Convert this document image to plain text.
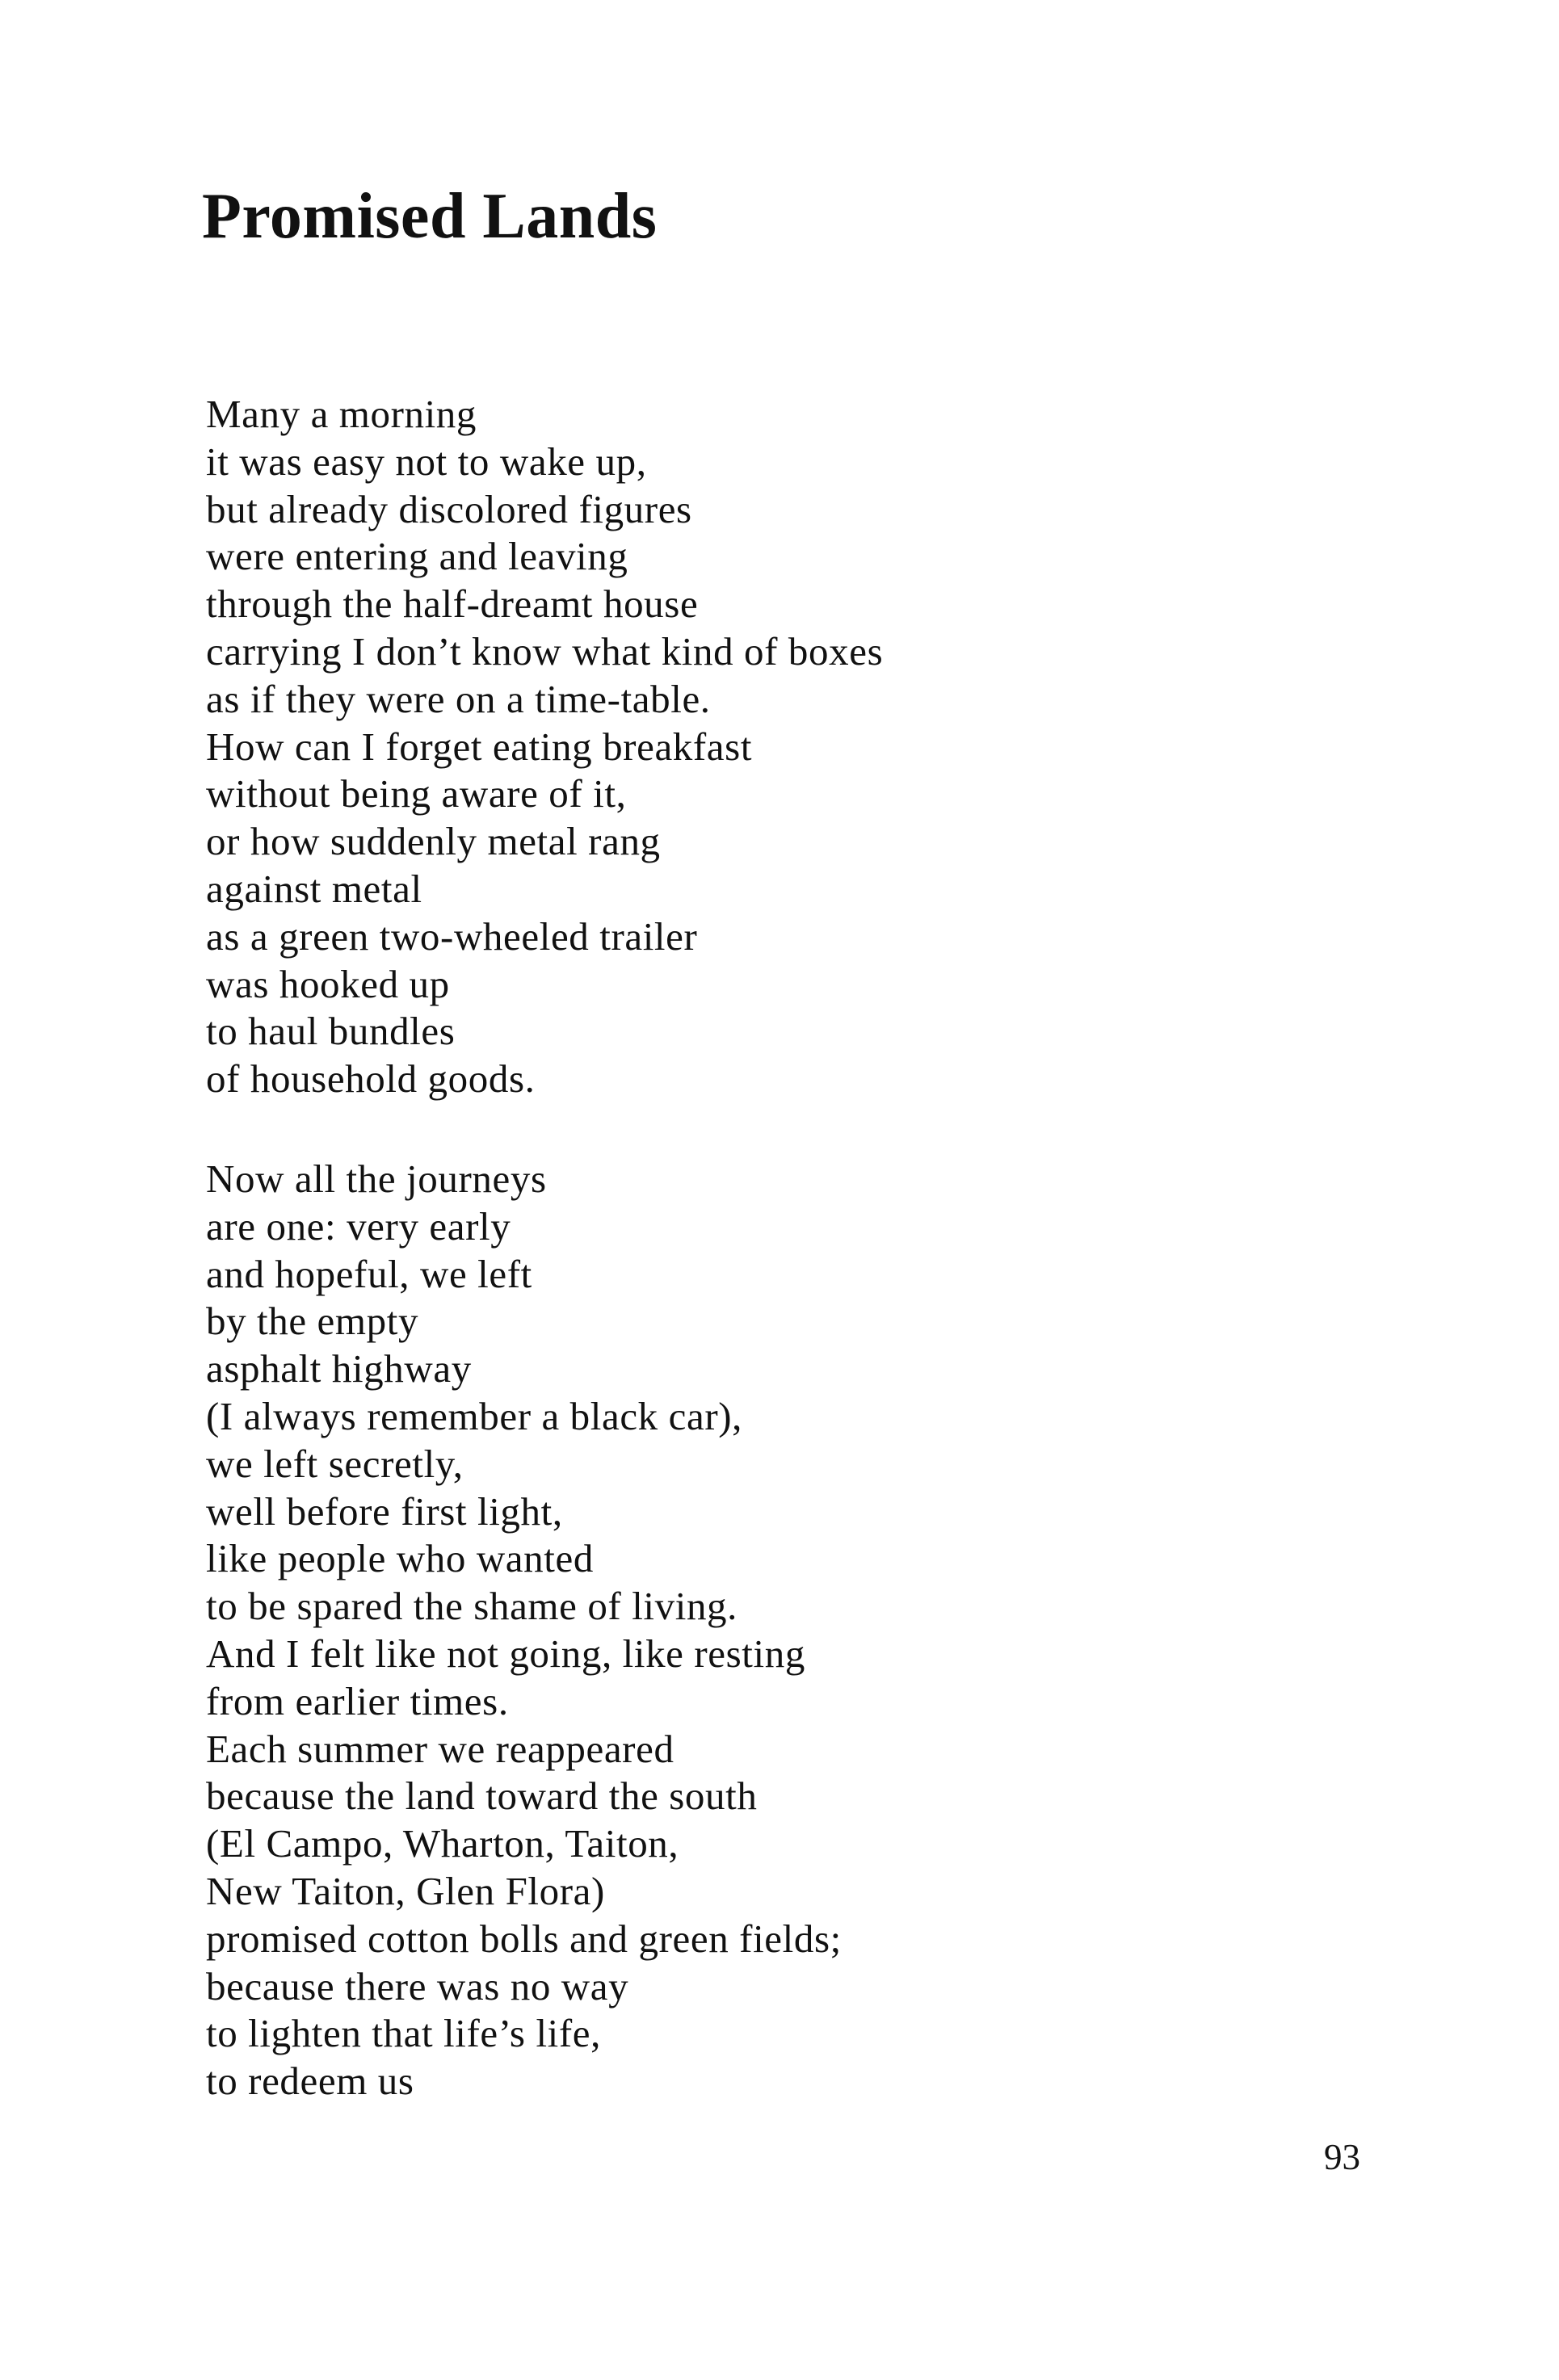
Promised Lands
Many a morning
it was easy not to wake up,
but already discolored figures
were entering and leaving
through the half-dreamt house
carrying I don’t know what kind of boxes
as if they were on a time-table.
How can I forget eating breakfast
without being aware of it,
or how suddenly metal rang
against metal
as a green two-wheeled trailer
was hooked up
to haul bundles
of household goods.
Now all the journeys
are one: very early
and hopeful, we left
by the empty
asphalt highway
(I always remember a black car),
we left secretly,
well before first light,
like people who wanted
to be spared the shame of living.
And I felt like not going, like resting
from earlier times.
Each summer we reappeared
because the land toward the south
(El Campo, Wharton, Taiton,
New Taiton, Glen Flora)
promised cotton bolls and green fields;
because there was no way
to lighten that life’s life,
to redeem us
93
